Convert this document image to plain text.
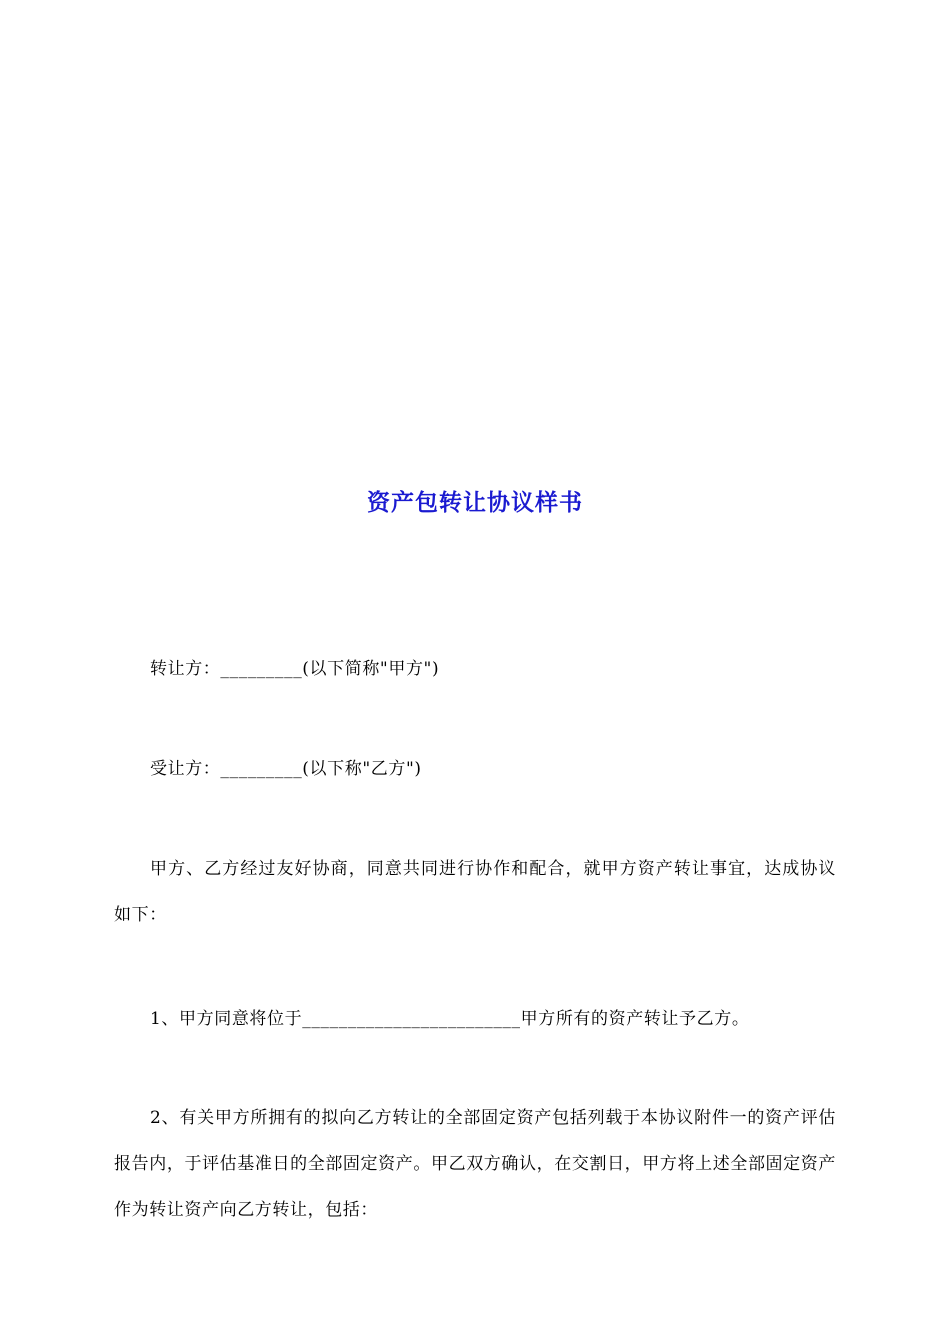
资产包转让协议样书
转让方：_________(以下简称"甲方")
受让方：_________(以下称"乙方")
甲方、乙方经过友好协商，同意共同进行协作和配合，就甲方资产转让事宜，达成协议如下：
1、甲方同意将位于________________________甲方所有的资产转让予乙方。
2、有关甲方所拥有的拟向乙方转让的全部固定资产包括列载于本协议附件一的资产评估报告内，于评估基准日的全部固定资产。甲乙双方确认，在交割日，甲方将上述全部固定资产作为转让资产向乙方转让，包括：
